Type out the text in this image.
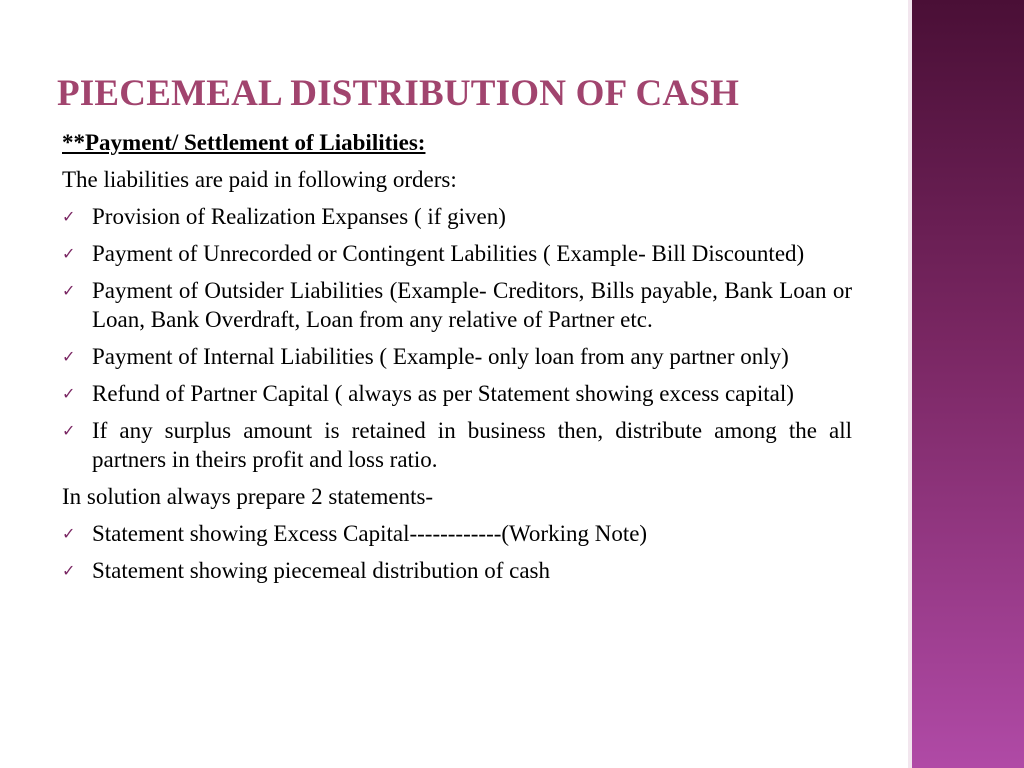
PIECEMEAL DISTRIBUTION OF CASH
**Payment/ Settlement of Liabilities:
The liabilities are paid in following orders:
✓ Provision of Realization Expanses ( if given)
✓ Payment of Unrecorded or Contingent Labilities ( Example- Bill Discounted)
✓ Payment of Outsider Liabilities (Example- Creditors, Bills payable, Bank Loan or Loan, Bank Overdraft, Loan from any relative of Partner etc.
✓ Payment of Internal Liabilities ( Example- only loan from any partner only)
✓ Refund of Partner Capital ( always as per Statement showing excess capital)
✓ If any surplus amount is retained in business then, distribute among the all partners in theirs profit and loss ratio.
In solution always prepare 2 statements-
✓ Statement showing Excess Capital------------(Working Note)
✓ Statement showing piecemeal distribution of cash
